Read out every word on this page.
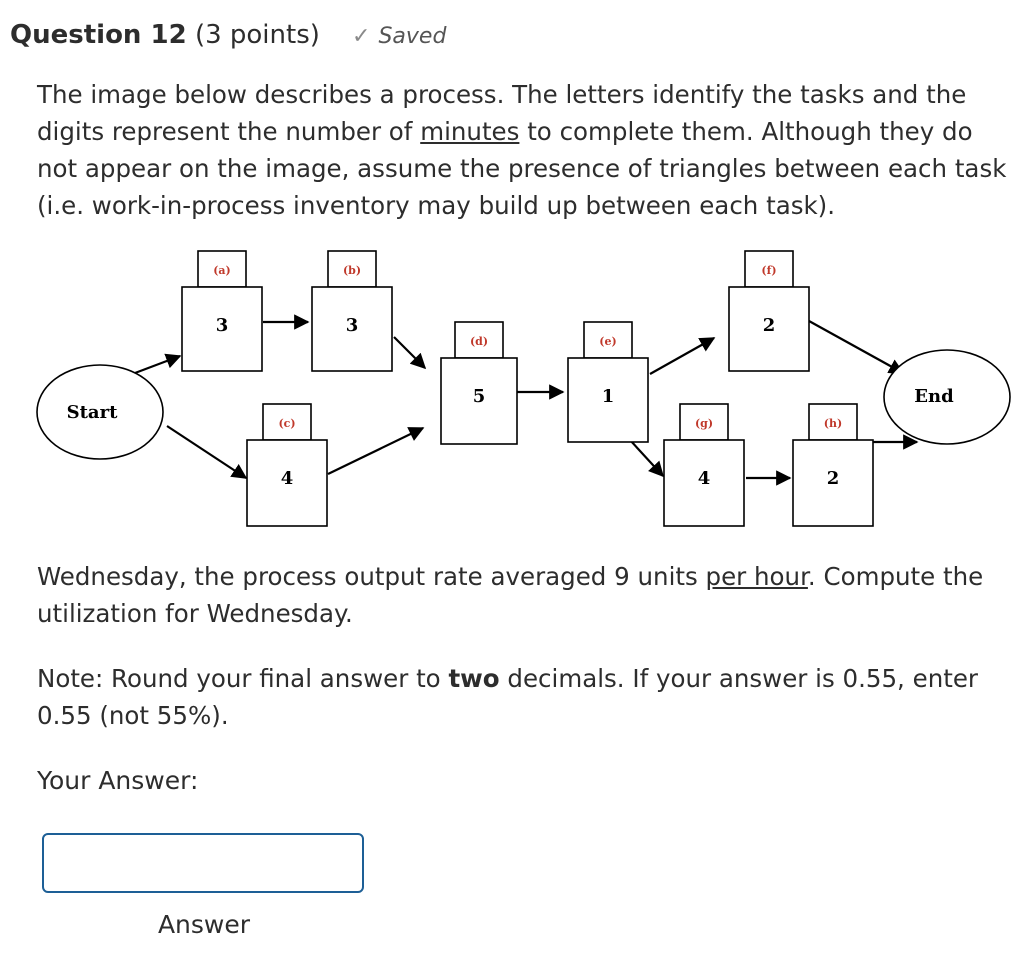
Question 12 (3 points) ✓ Saved

The image below describes a process. The letters identify the tasks and the digits represent the number of minutes to complete them. Although they do not appear on the image, assume the presence of triangles between each task (i.e. work-in-process inventory may build up between each task).

(a)
3
(b)
3
(c)
4
(d)
5
(e)
1
(f)
2
(g)
4
(h)
2
Start
End

Wednesday, the process output rate averaged 9 units per hour. Compute the utilization for Wednesday.

Note: Round your final answer to two decimals. If your answer is 0.55, enter 0.55 (not 55%).

Your Answer:
Answer
